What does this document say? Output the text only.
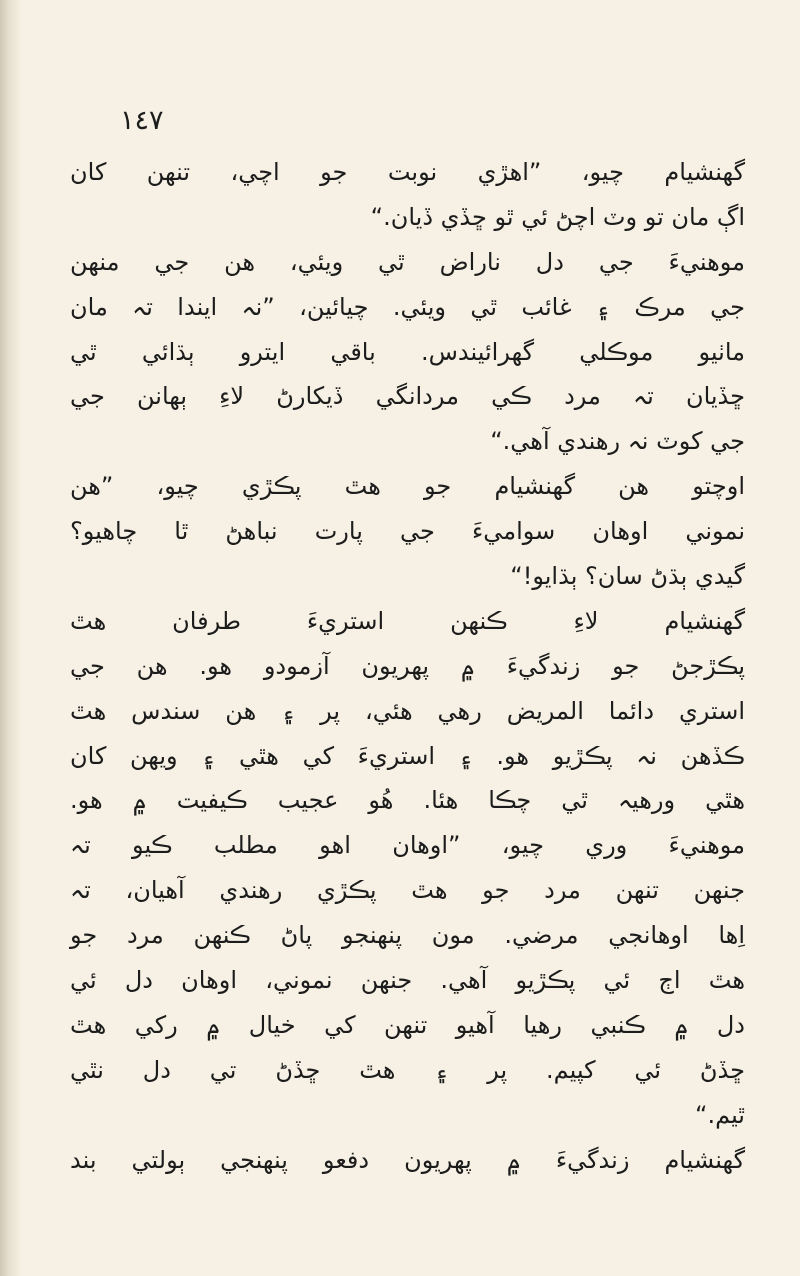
١٤٧
گھنشيام چيو، ”اھڙي نوبت جو اچي، تنھن کان
اڳ مان تو وٽ اچڻ ئي ٿو ڇڏي ڏيان.“
موھنيءَ جي دل ناراض ٿي ويئي، ھن جي منھن
جي مرڪ ۽ غائب ٿي ويئي. چيائين، ”نہ ايندا تہ مان
ماٺيو موڪلي گھرائيندس. باقي ايترو ٻڌائي ٿي
ڇڏيان تہ مرد ڪي مردانگي ڏيکارڻ لاءِ ٻھانن جي
جي کوٽ نہ رھندي آھي.“
اوچتو ھن گھنشيام جو ھٿ پڪڙي چيو، ”ھن
نموني اوھان سواميءَ جي پارت نباھڻ ٿا چاھيو؟
گيدي ٻڌڻ سان؟ ٻڌايو!“
گھنشيام لاءِ ڪنھن استريءَ طرفان ھٿ
پڪڙجڻ جو زندگيءَ ۾ پھريون آزمودو ھو. ھن جي
استري دائما المريض رھي ھئي، پر ۽ ھن سندس ھٿ
ڪڏھن نہ پڪڙيو ھو. ۽ استريءَ کي ھٿي ۽ ويھن کان
ھٿي ورھيہ ٿي چڪا ھئا. ھُو عجيب ڪيفيت ۾ ھو.
موھنيءَ وري چيو، ”اوھان اھو مطلب ڪيو تہ
جنھن تنھن مرد جو ھٿ پڪڙي رھندي آھيان، تہ
اِھا اوھانجي مرضي. مون پنھنجو پاڻ ڪنھن مرد جو
ھٿ اڄ ئي پڪڙيو آھي. جنھن نموني، اوھان دل ئي
دل ۾ ڪنبي رھيا آھيو تنھن کي خيال ۾ رکي ھٿ
ڇڏڻ ئي کپيم. پر ۽ ھٿ ڇڏڻ تي دل نٿي
ٿيم.“
گھنشيام زندگيءَ ۾ پھريون دفعو پنھنجي ٻولتي بند
